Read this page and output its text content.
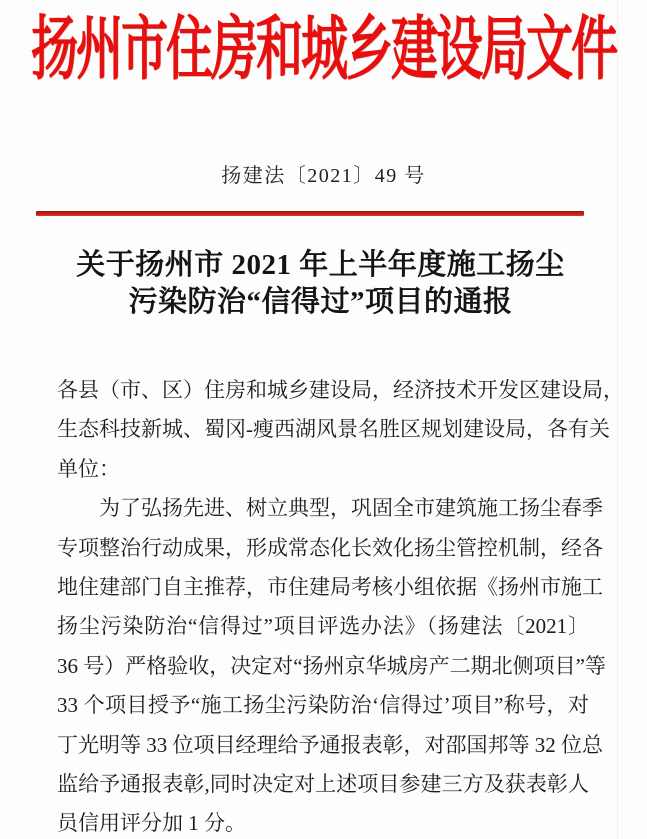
扬州市住房和城乡建设局文件
扬建法〔2021〕49 号
关于扬州市 2021 年上半年度施工扬尘
污染防治“信得过”项目的通报
各县（市、区）住房和城乡建设局，经济技术开发区建设局，
生态科技新城、蜀冈-瘦西湖风景名胜区规划建设局，各有关
单位：
为了弘扬先进、树立典型，巩固全市建筑施工扬尘春季
专项整治行动成果，形成常态化长效化扬尘管控机制，经各
地住建部门自主推荐，市住建局考核小组依据《扬州市施工
扬尘污染防治“信得过”项目评选办法》（扬建法〔2021〕
36 号）严格验收，决定对“扬州京华城房产二期北侧项目”等
33 个项目授予“施工扬尘污染防治‘信得过’项目”称号，对
丁光明等 33 位项目经理给予通报表彰，对邵国邦等 32 位总
监给予通报表彰,同时决定对上述项目参建三方及获表彰人
员信用评分加 1 分。
